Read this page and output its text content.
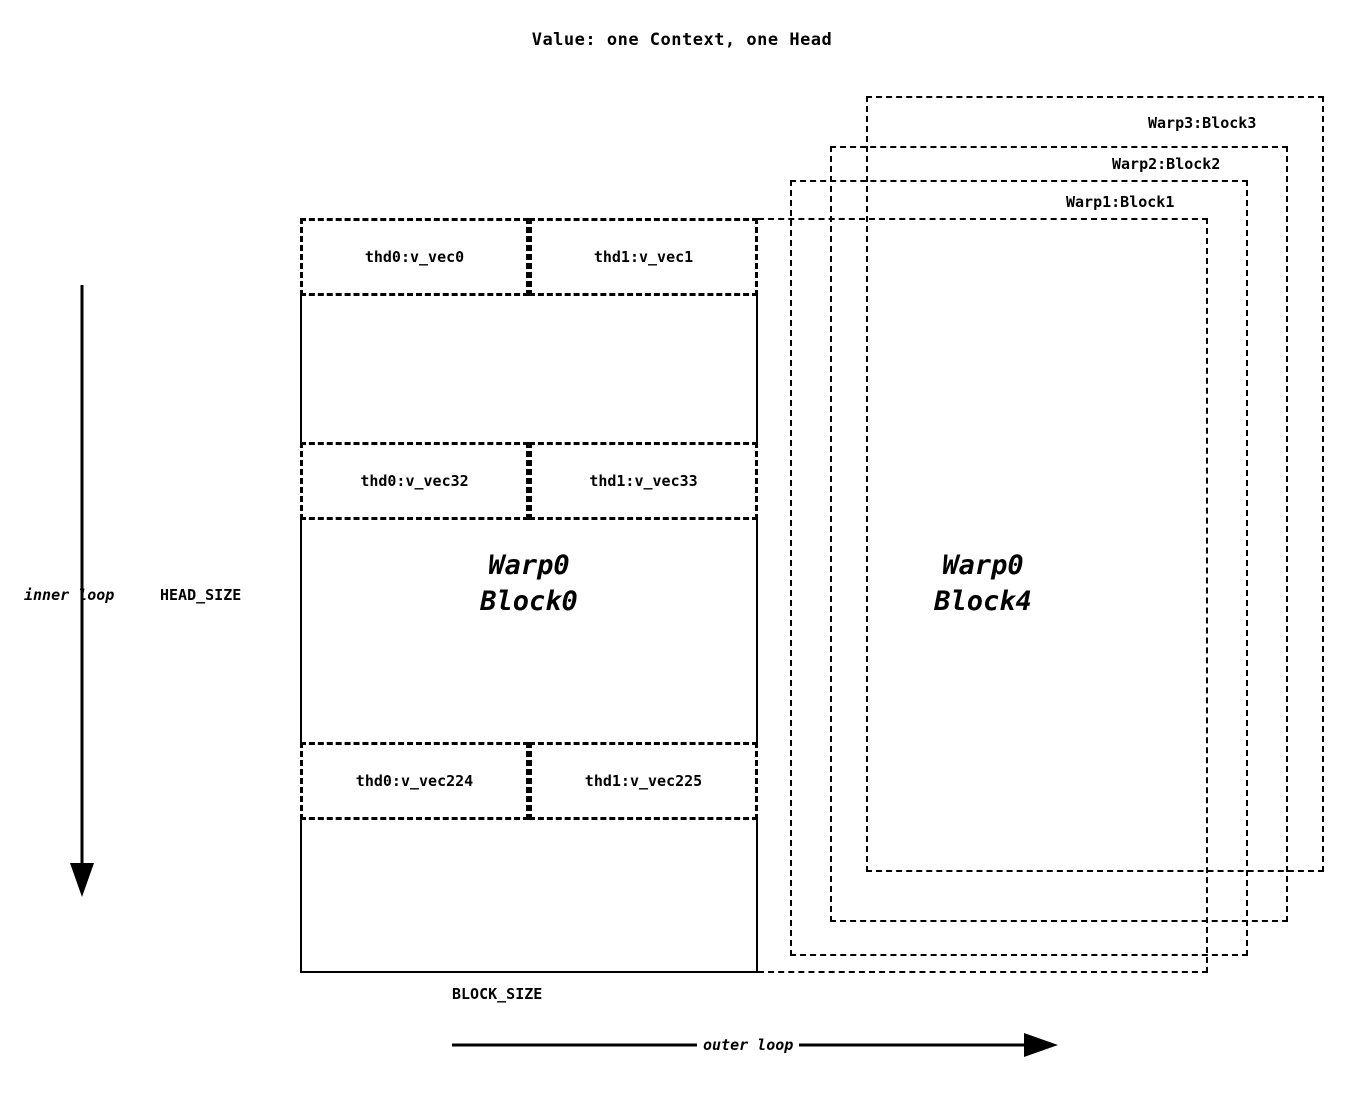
Value: one Context, one Head
Warp3:Block3
Warp2:Block2
Warp1:Block1
Warp0
Block4
thd0:v_vec0	thd1:v_vec1
thd0:v_vec32	thd1:v_vec33
thd0:v_vec224	thd1:v_vec225
Warp0
Block0
inner loop	HEAD_SIZE
BLOCK_SIZE
outer loop
